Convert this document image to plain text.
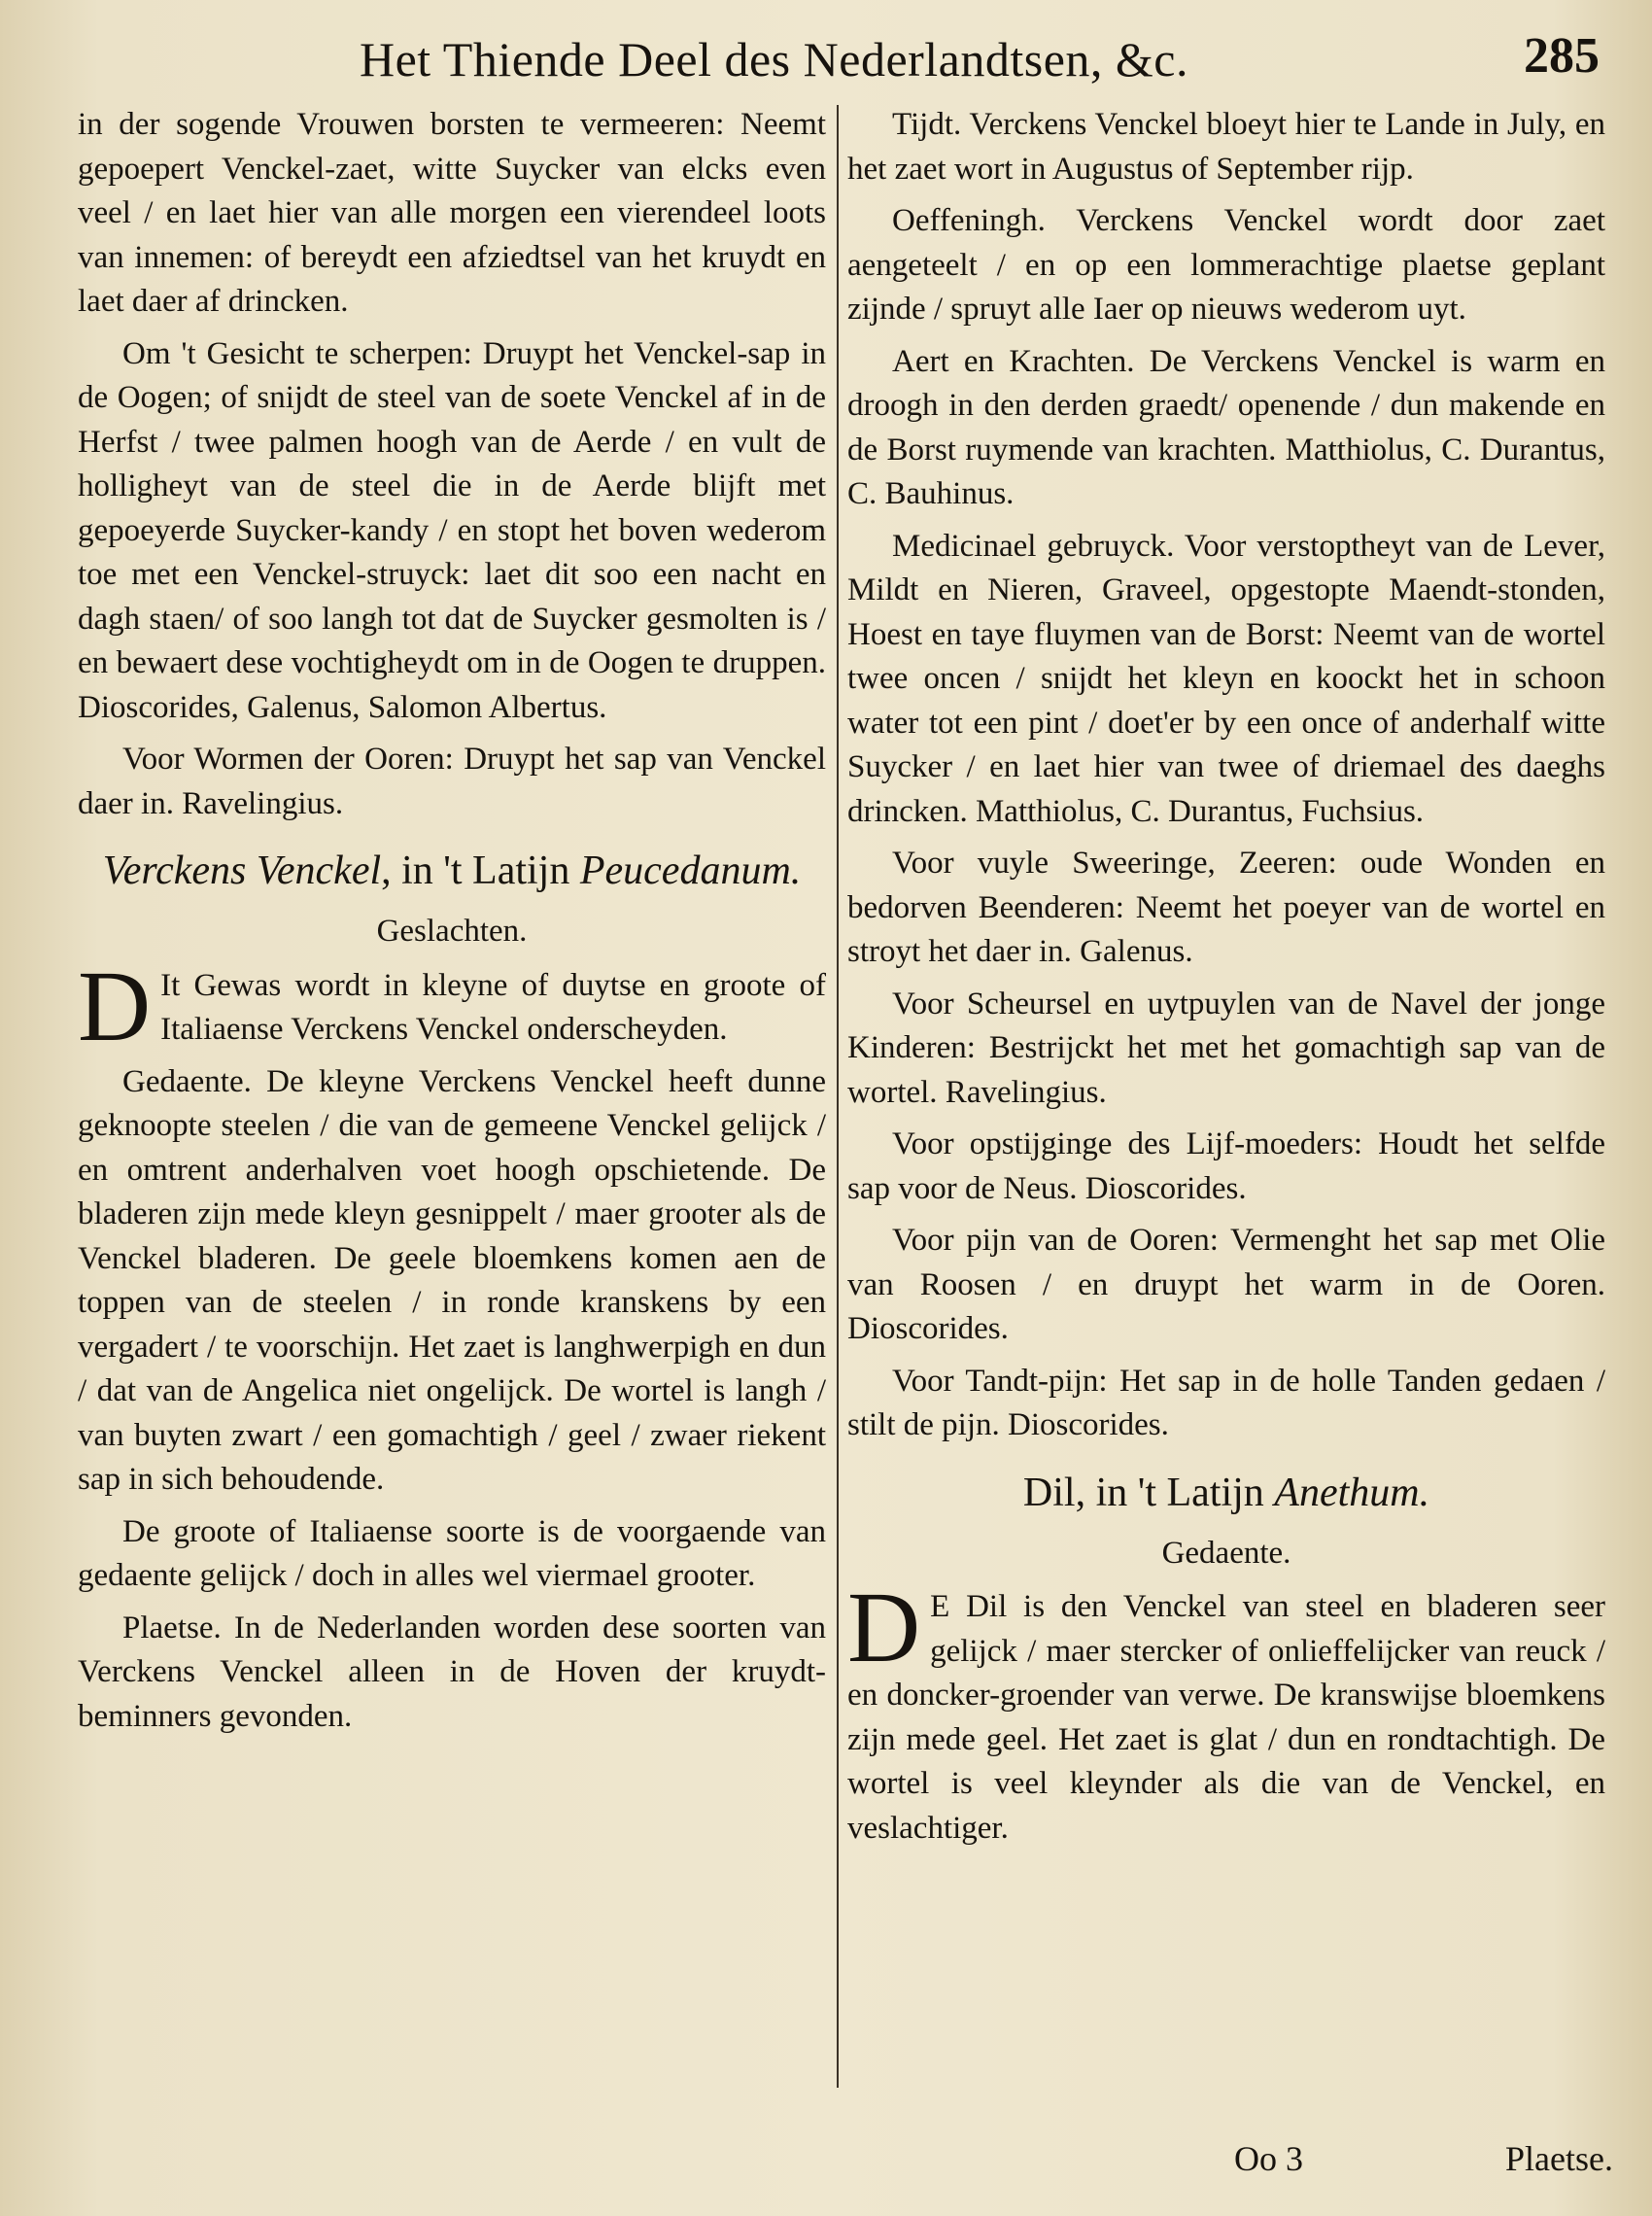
Het Thiende Deel des Nederlandtsen, &c.	285

in der sogende Vrouwen borsten te vermeeren: Neemt gepoepert Venckel-zaet, witte Suycker van elcks even veel / en laet hier van alle morgen een vierendeel loots van innemen: of bereydt een afziedtsel van het kruydt en laet daer af drincken.

Om 't Gesicht te scherpen: Druypt het Venckel-sap in de Oogen; of snijdt de steel van de soete Venckel af in de Herfst / twee palmen hoogh van de Aerde / en vult de holligheyt van de steel die in de Aerde blijft met gepoeyerde Suycker-kandy / en stopt het boven wederom toe met een Venckel-struyck: laet dit soo een nacht en dagh staen/ of soo langh tot dat de Suycker gesmolten is / en bewaert dese vochtigheydt om in de Oogen te druppen. Dioscorides, Galenus, Salomon Albertus.

Voor Wormen der Ooren: Druypt het sap van Venckel daer in. Ravelingius.

Verckens Venckel, in 't Latijn Peucedanum.
Geslachten.

D It Gewas wordt in kleyne of duytse en groote of Italiaense Verckens Venckel onderscheyden.

Gedaente. De kleyne Verckens Venckel heeft dunne geknoopte steelen / die van de gemeene Venckel gelijck / en omtrent anderhalven voet hoogh opschietende. De bladeren zijn mede kleyn gesnippelt / maer grooter als de Venckel bladeren. De geele bloemkens komen aen de toppen van de steelen / in ronde kranskens by een vergadert / te voorschijn. Het zaet is langhwerpigh en dun / dat van de Angelica niet ongelijck. De wortel is langh / van buyten zwart / een gomachtigh / geel / zwaer riekent sap in sich behoudende.

De groote of Italiaense soorte is de voorgaende van gedaente gelijck / doch in alles wel viermael grooter.

Plaetse. In de Nederlanden worden dese soorten van Verckens Venckel alleen in de Hoven der kruydt-beminners gevonden.

Tijdt. Verckens Venckel bloeyt hier te Lande in July, en het zaet wort in Augustus of September rijp.

Oeffeningh. Verckens Venckel wordt door zaet aengeteelt / en op een lommerachtige plaetse geplant zijnde / spruyt alle Iaer op nieuws wederom uyt.

Aert en Krachten. De Verckens Venckel is warm en droogh in den derden graedt/ openende / dun makende en de Borst ruymende van krachten. Matthiolus, C. Durantus, C. Bauhinus.

Medicinael gebruyck. Voor verstoptheyt van de Lever, Mildt en Nieren, Graveel, opgestopte Maendt-stonden, Hoest en taye fluymen van de Borst: Neemt van de wortel twee oncen / snijdt het kleyn en koockt het in schoon water tot een pint / doet'er by een once of anderhalf witte Suycker / en laet hier van twee of driemael des daeghs drincken. Matthiolus, C. Durantus, Fuchsius.

Voor vuyle Sweeringe, Zeeren: oude Wonden en bedorven Beenderen: Neemt het poeyer van de wortel en stroyt het daer in. Galenus.

Voor Scheursel en uytpuylen van de Navel der jonge Kinderen: Bestrijckt het met het gomachtigh sap van de wortel. Ravelingius.

Voor opstijginge des Lijf-moeders: Houdt het selfde sap voor de Neus. Dioscorides.

Voor pijn van de Ooren: Vermenght het sap met Olie van Roosen / en druypt het warm in de Ooren. Dioscorides.

Voor Tandt-pijn: Het sap in de holle Tanden gedaen / stilt de pijn. Dioscorides.

Dil, in 't Latijn Anethum.
Gedaente.

D E Dil is den Venckel van steel en bladeren seer gelijck / maer stercker of onlieffelijcker van reuck / en doncker-groender van verwe. De kranswijse bloemkens zijn mede geel. Het zaet is glat / dun en rondtachtigh. De wortel is veel kleynder als die van de Venckel, en veslachtiger.

Oo 3	Plaetse.
